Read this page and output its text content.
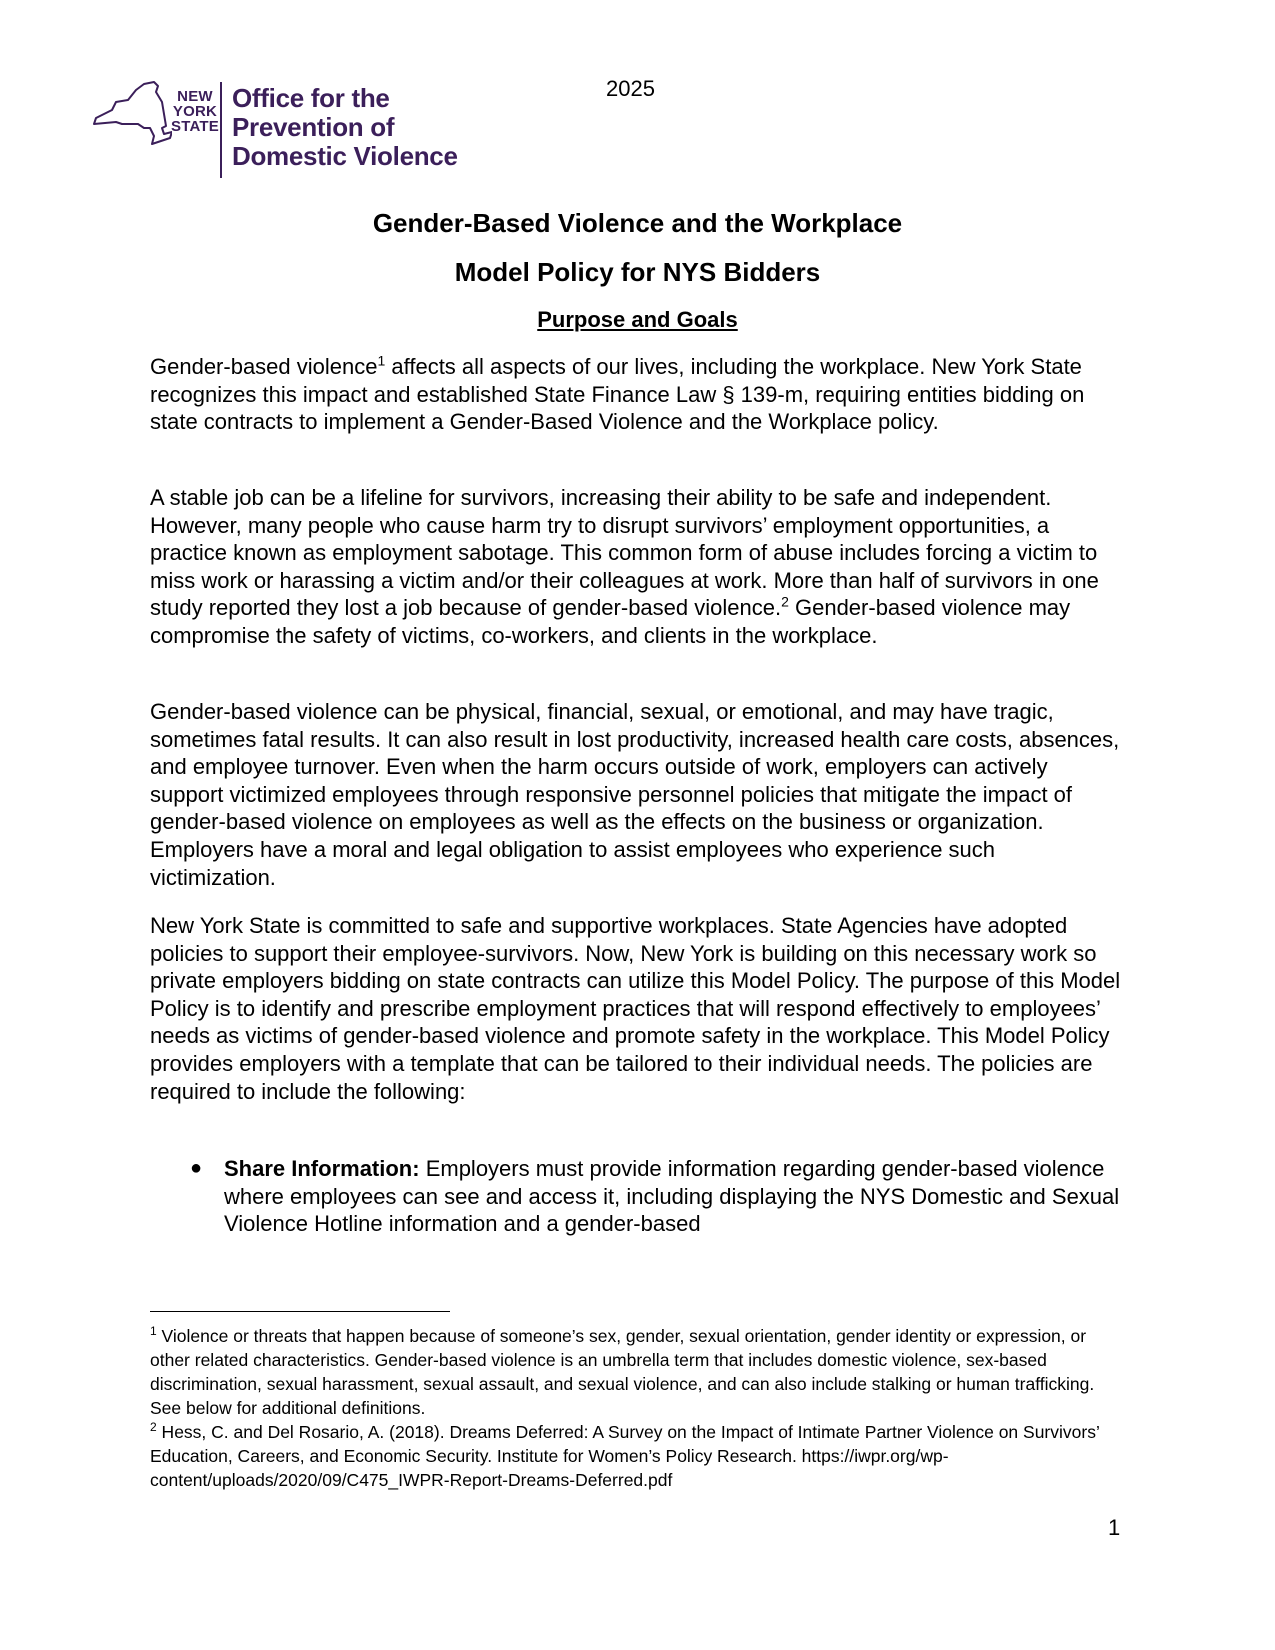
NEW
YORK
STATE
Office for the
Prevention of
Domestic Violence
2025
Gender-Based Violence and the Workplace
Model Policy for NYS Bidders
Purpose and Goals

Gender-based violence$^1$ affects all aspects of our lives, including the workplace. New York State recognizes this impact and established State Finance Law § 139-m, requiring entities bidding on state contracts to implement a Gender-Based Violence and the Workplace policy.

A stable job can be a lifeline for survivors, increasing their ability to be safe and independent. However, many people who cause harm try to disrupt survivors’ employment opportunities, a practice known as employment sabotage. This common form of abuse includes forcing a victim to miss work or harassing a victim and/or their colleagues at work. More than half of survivors in one study reported they lost a job because of gender-based violence.$^2$ Gender-based violence may compromise the safety of victims, co-workers, and clients in the workplace.

Gender-based violence can be physical, financial, sexual, or emotional, and may have tragic, sometimes fatal results. It can also result in lost productivity, increased health care costs, absences, and employee turnover. Even when the harm occurs outside of work, employers can actively support victimized employees through responsive personnel policies that mitigate the impact of gender-based violence on employees as well as the effects on the business or organization. Employers have a moral and legal obligation to assist employees who experience such victimization.

New York State is committed to safe and supportive workplaces. State Agencies have adopted policies to support their employee-survivors. Now, New York is building on this necessary work so private employers bidding on state contracts can utilize this Model Policy. The purpose of this Model Policy is to identify and prescribe employment practices that will respond effectively to employees’ needs as victims of gender-based violence and promote safety in the workplace. This Model Policy provides employers with a template that can be tailored to their individual needs. The policies are required to include the following:

● Share Information: Employers must provide information regarding gender-based violence where employees can see and access it, including displaying the NYS Domestic and Sexual Violence Hotline information and a gender-based

$^1$ Violence or threats that happen because of someone’s sex, gender, sexual orientation, gender identity or expression, or other related characteristics. Gender-based violence is an umbrella term that includes domestic violence, sex-based discrimination, sexual harassment, sexual assault, and sexual violence, and can also include stalking or human trafficking. See below for additional definitions.

$^2$ Hess, C. and Del Rosario, A. (2018). Dreams Deferred: A Survey on the Impact of Intimate Partner Violence on Survivors’ Education, Careers, and Economic Security. Institute for Women’s Policy Research. https://iwpr.org/wp-content/uploads/2020/09/C475_IWPR-Report-Dreams-Deferred.pdf

1
